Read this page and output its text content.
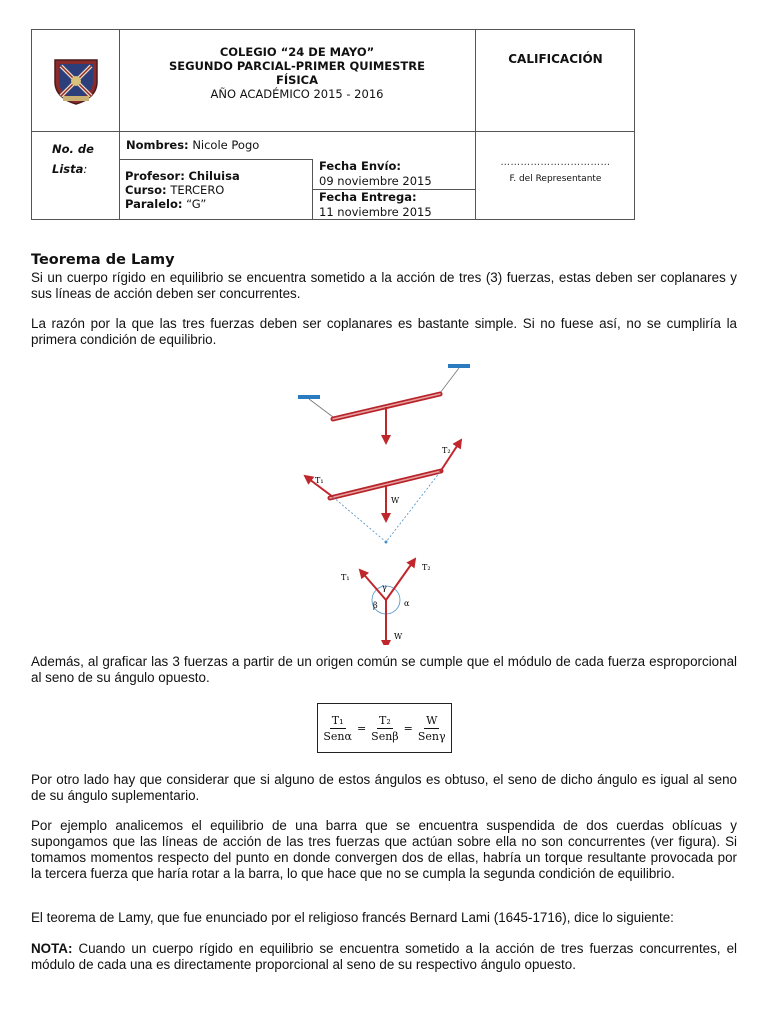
COLEGIO “24 DE MAYO”
SEGUNDO PARCIAL-PRIMER QUIMESTRE
FÍSICA
AÑO ACADÉMICO 2015 - 2016
CALIFICACIÓN
No. de
Lista:
Nombres: Nicole Pogo
Profesor: Chiluisa
Curso: TERCERO
Paralelo: “G”
Fecha Envío:
09 noviembre 2015
Fecha Entrega:
11 noviembre 2015
……………………………
F. del Representante
Teorema de Lamy
Si un cuerpo rígido en equilibrio se encuentra sometido a la acción de tres (3) fuerzas, estas deben ser coplanares y sus líneas de acción deben ser concurrentes.
La razón por la que las tres fuerzas deben ser coplanares es bastante simple. Si no fuese así, no se cumpliría la primera condición de equilibrio.
T₁
T₂
W
T₁
T₂
γ
β	α
W
Además, al graficar las 3 fuerzas a partir de un origen común se cumple que el módulo de cada fuerza esproporcional al seno de su ángulo opuesto.
$\frac{\text{T₁}}{\text{Senα}} = \frac{\text{T₂}}{\text{Senβ}} = \frac{W}{\text{Senγ}}$
Por otro lado hay que considerar que si alguno de estos ángulos es obtuso, el seno de dicho ángulo es igual al seno de su ángulo suplementario.
Por ejemplo analicemos el equilibrio de una barra que se encuentra suspendida de dos cuerdas oblícuas y supongamos que las líneas de acción de las tres fuerzas que actúan sobre ella no son concurrentes (ver figura). Si tomamos momentos respecto del punto en donde convergen dos de ellas, habría un torque resultante provocada por la tercera fuerza que haría rotar a la barra, lo que hace que no se cumpla la segunda condición de equilibrio.
El teorema de Lamy, que fue enunciado por el religioso francés Bernard Lami (1645-1716), dice lo siguiente:
NOTA: Cuando un cuerpo rígido en equilibrio se encuentra sometido a la acción de tres fuerzas concurrentes, el módulo de cada una es directamente proporcional al seno de su respectivo ángulo opuesto.
